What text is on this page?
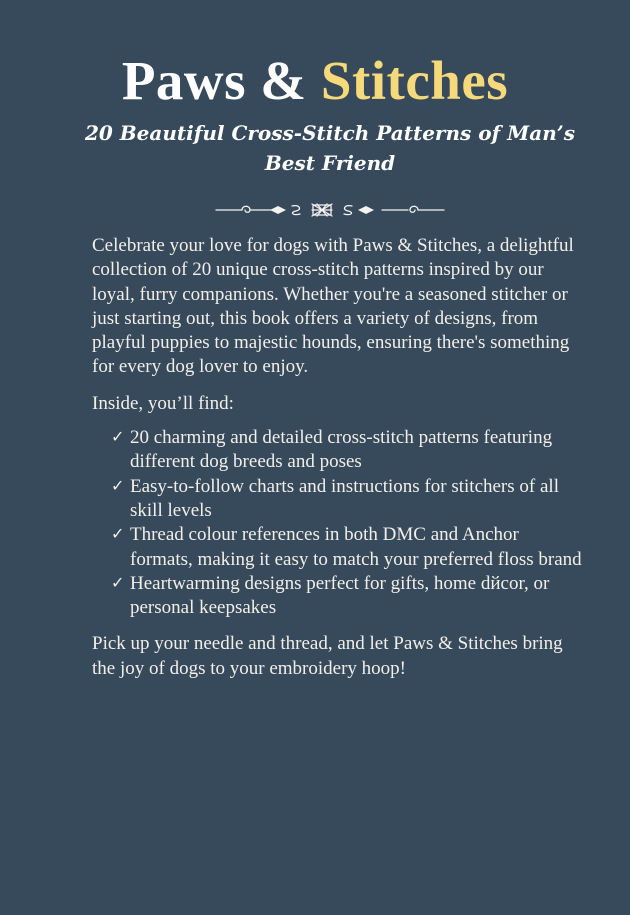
Paws & Stitches
20 Beautiful Cross-Stitch Patterns of Man’s Best Friend

Celebrate your love for dogs with Paws & Stitches, a delightful collection of 20 unique cross-stitch patterns inspired by our loyal, furry companions. Whether you're a seasoned stitcher or just starting out, this book offers a variety of designs, from playful puppies to majestic hounds, ensuring there's something for every dog lover to enjoy.

Inside, you’ll find:

✓ 20 charming and detailed cross-stitch patterns featuring different dog breeds and poses
✓ Easy-to-follow charts and instructions for stitchers of all skill levels
✓ Thread colour references in both DMC and Anchor formats, making it easy to match your preferred floss brand
✓ Heartwarming designs perfect for gifts, home dйcor, or personal keepsakes

Pick up your needle and thread, and let Paws & Stitches bring the joy of dogs to your embroidery hoop!
